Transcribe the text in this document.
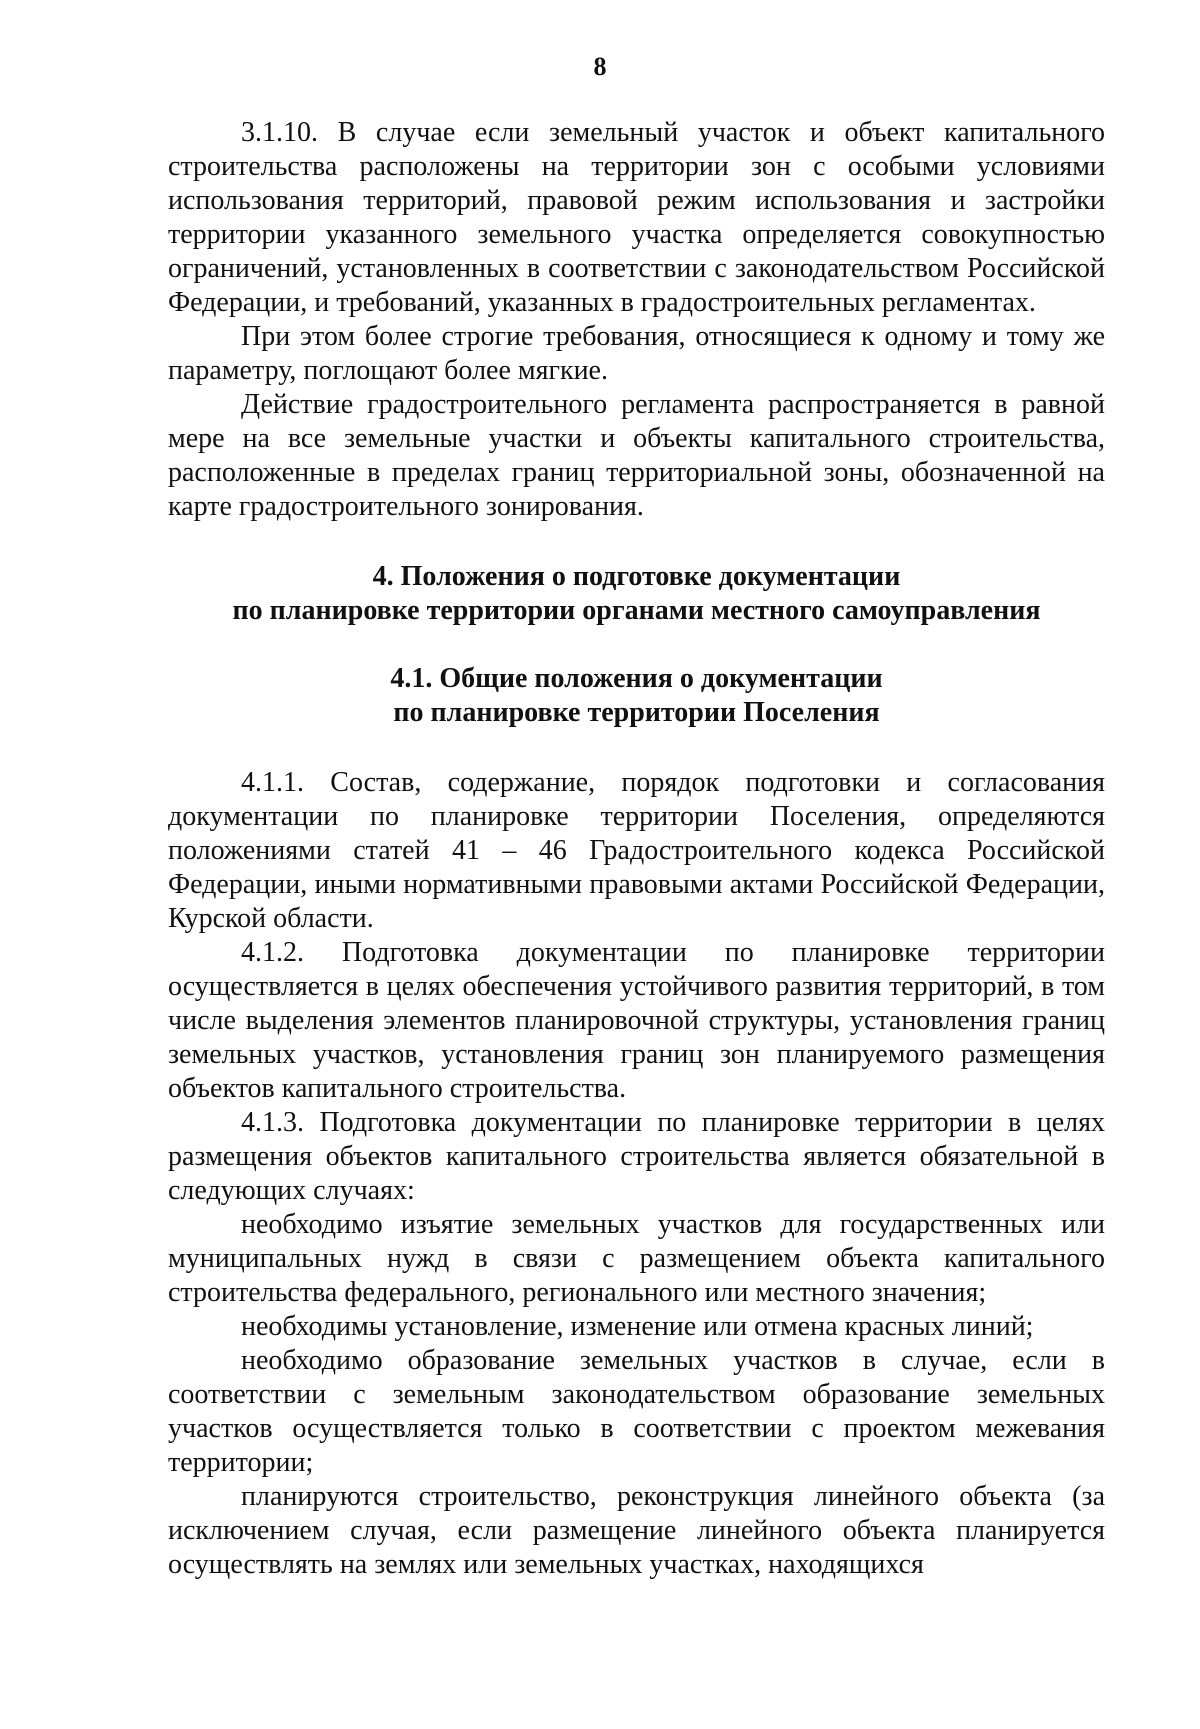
8

3.1.10. В случае если земельный участок и объект капитального строительства расположены на территории зон с особыми условиями использования территорий, правовой режим использования и застройки территории указанного земельного участка определяется совокупностью ограничений, установленных в соответствии с законодательством Российской Федерации, и требований, указанных в градостроительных регламентах.

При этом более строгие требования, относящиеся к одному и тому же параметру, поглощают более мягкие.

Действие градостроительного регламента распространяется в равной мере на все земельные участки и объекты капитального строительства, расположенные в пределах границ территориальной зоны, обозначенной на карте градостроительного зонирования.

4. Положения о подготовке документации

по планировке территории органами местного самоуправления

4.1. Общие положения о документации

по планировке территории Поселения

4.1.1. Состав, содержание, порядок подготовки и согласования документации по планировке территории Поселения, определяются положениями статей 41 – 46 Градостроительного кодекса Российской Федерации, иными нормативными правовыми актами Российской Федерации, Курской области.

4.1.2. Подготовка документации по планировке территории осуществляется в целях обеспечения устойчивого развития территорий, в том числе выделения элементов планировочной структуры, установления границ земельных участков, установления границ зон планируемого размещения объектов капитального строительства.

4.1.3. Подготовка документации по планировке территории в целях размещения объектов капитального строительства является обязательной в следующих случаях:

необходимо изъятие земельных участков для государственных или муниципальных нужд в связи с размещением объекта капитального строительства федерального, регионального или местного значения;

необходимы установление, изменение или отмена красных линий;

необходимо образование земельных участков в случае, если в соответствии с земельным законодательством образование земельных участков осуществляется только в соответствии с проектом межевания территории;

планируются строительство, реконструкция линейного объекта (за исключением случая, если размещение линейного объекта планируется осуществлять на землях или земельных участках, находящихся
